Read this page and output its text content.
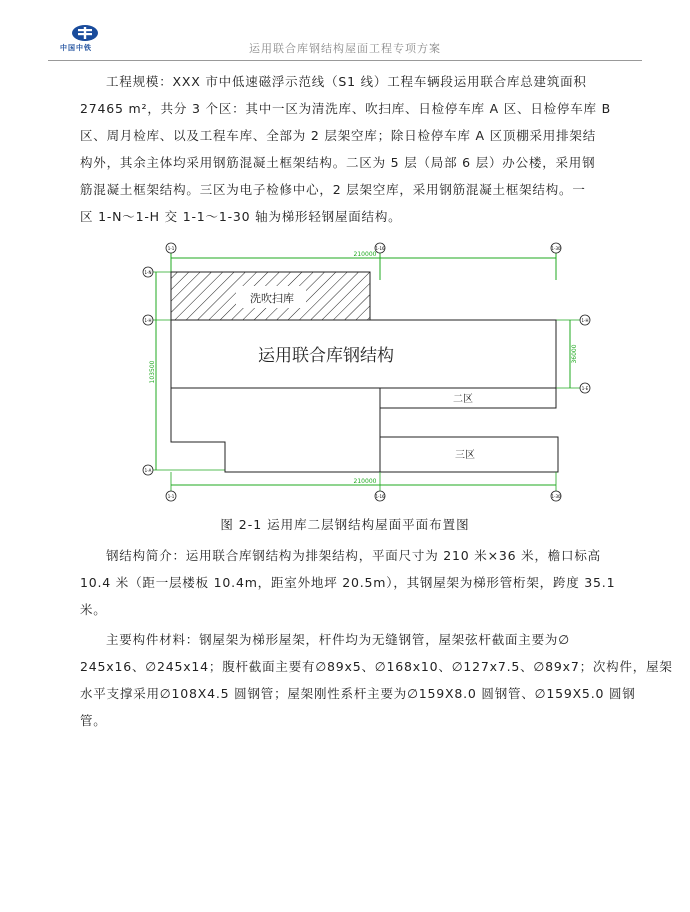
中国中铁	运用联合库钢结构屋面工程专项方案
工程规模：XXX 市中低速磁浮示范线（S1 线）工程车辆段运用联合库总建筑面积
27465 m²，共分 3 个区：其中一区为清洗库、吹扫库、日检停车库 A 区、日检停车库 B
区、周月检库、以及工程车库、全部为 2 层架空库；除日检停车库 A 区顶棚采用排架结
构外，其余主体均采用钢筋混凝土框架结构。二区为 5 层（局部 6 层）办公楼，采用钢
筋混凝土框架结构。三区为电子检修中心，2 层架空库，采用钢筋混凝土框架结构。一
区 1-N～1-H 交 1-1～1-30 轴为梯形轻钢屋面结构。
210000
1-1	1-16	1-30
103500
1-N
1-H
1-A
36000
1-H
1-E
洗吹扫库
运用联合库钢结构
二区
三区
210000
1-1	1-16	1-30
图 2-1 运用库二层钢结构屋面平面布置图
钢结构简介：运用联合库钢结构为排架结构，平面尺寸为 210 米×36 米，檐口标高
10.4 米（距一层楼板 10.4m，距室外地坪 20.5m），其钢屋架为梯形管桁架，跨度 35.1
米。
主要构件材料：钢屋架为梯形屋架，杆件均为无缝钢管，屋架弦杆截面主要为∅
245x16、∅245x14；腹杆截面主要有∅89x5、∅168x10、∅127x7.5、∅89x7；次构件，屋架
水平支撑采用∅108X4.5 圆钢管；屋架刚性系杆主要为∅159X8.0 圆钢管、∅159X5.0 圆钢
管。
